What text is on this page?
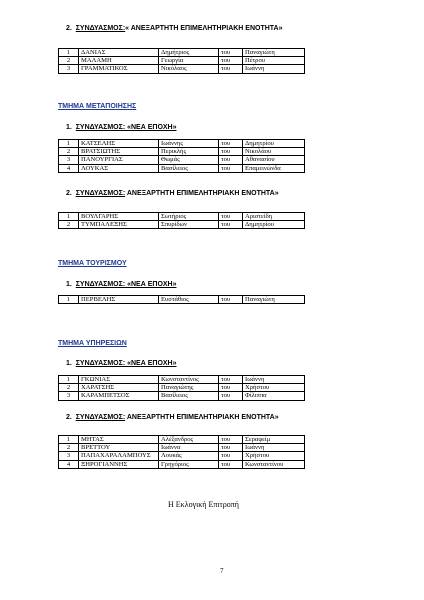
2. ΣΥΝΔΥΑΣΜΟΣ:« ΑΝΕΞΑΡΤΗΤΗ ΕΠΙΜΕΛΗΤΗΡΙΑΚΗ ΕΝΟΤΗΤΑ»
1	ΔΑΝΙΑΣ	Δημήτριος	του	Παναγιώτη
2	ΜΑΛΑΜΗ	Γεωργία	του	Πέτρου
3	ΓΡΑΜΜΑΤΙΚΟΣ	Νικόλαος	του	Ιωάννη
ΤΜΗΜΑ ΜΕΤΑΠΟΙΗΣΗΣ
1. ΣΥΝΔΥΑΣΜΟΣ: «ΝΕΑ ΕΠΟΧΗ»
1	ΚΑΤΣΕΛΗΣ	Ιωάννης	του	Δημητρίου
2	ΒΡΑΤΣΙΩΤΗΣ	Περικλής	του	Νικολάου
3	ΠΑΝΟΥΡΓΙΑΣ	Θωμάς	του	Αθανασίου
4	ΛΟΥΚΑΣ	Βασίλειος	του	Επαμεινώνδα
2. ΣΥΝΔΥΑΣΜΟΣ: ΑΝΕΞΑΡΤΗΤΗ ΕΠΙΜΕΛΗΤΗΡΙΑΚΗ ΕΝΟΤΗΤΑ»
1	ΒΟΥΛΓΑΡΗΣ	Σωτήριος	του	Αριστείδη
2	ΤΥΜΠΑΛΕΞΗΣ	Σπυρίδων	του	Δημητρίου
ΤΜΗΜΑ ΤΟΥΡΙΣΜΟΥ
1. ΣΥΝΔΥΑΣΜΟΣ: «ΝΕΑ ΕΠΟΧΗ»
1	ΠΕΡΒΕΛΗΣ	Ευστάθιος	του	Παναγιώτη
ΤΜΗΜΑ ΥΠΗΡΕΣΙΩΝ
1. ΣΥΝΔΥΑΣΜΟΣ: «ΝΕΑ ΕΠΟΧΗ»
1	ΓΚΩΝΙΑΣ	Κωνσταντίνος	του	Ιωάννη
2	ΧΑΡΑΤΣΗΣ	Παναγιώτης	του	Χρήστου
3	ΚΑΡΑΜΠΕΤΣΟΣ	Βασίλειος	του	Φίλιππα
2. ΣΥΝΔΥΑΣΜΟΣ: ΑΝΕΞΑΡΤΗΤΗ ΕΠΙΜΕΛΗΤΗΡΙΑΚΗ ΕΝΟΤΗΤΑ»
1	ΜΗΤΑΣ	Αλέξανδρος	του	Σεραφείμ
2	ΒΡΕΤΤΟΥ	Ιωάννα	του	Ιωάννη
3	ΠΑΠΑΧΑΡΑΛΑΜΠΟΥΣ	Λουκάς	του	Χρήστου
4	ΞΗΡΟΓΙΑΝΝΗΣ	Γρηγόριος	του	Κωνσταντίνου
Η Εκλογική Επιτροπή
7
